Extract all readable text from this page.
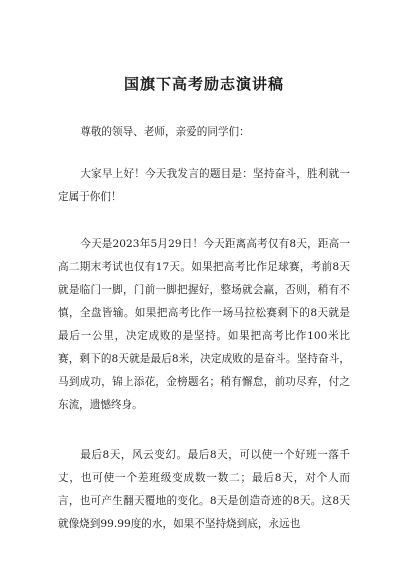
国旗下高考励志演讲稿

尊敬的领导、老师，亲爱的同学们：

大家早上好！今天我发言的题目是：坚持奋斗，胜利就一定属于你们！

今天是2023年5月29日！今天距离高考仅有8天，距高一高二期末考试也仅有17天。如果把高考比作足球赛，考前8天就是临门一脚，门前一脚把握好，整场就会赢，否则，稍有不慎，全盘皆输。如果把高考比作一场马拉松赛剩下的8天就是最后一公里，决定成败的是坚持。如果把高考比作100米比赛，剩下的8天就是最后8米，决定成败的是奋斗。坚持奋斗，马到成功，锦上添花，金榜题名；稍有懈怠，前功尽弃，付之东流，遗憾终身。

最后8天，风云变幻。最后8天，可以使一个好班一落千丈，也可使一个差班级变成数一数二；最后8天，对个人而言，也可产生翻天覆地的变化。8天是创造奇迹的8天。这8天就像烧到99.99度的水，如果不坚持烧到底，永远也
